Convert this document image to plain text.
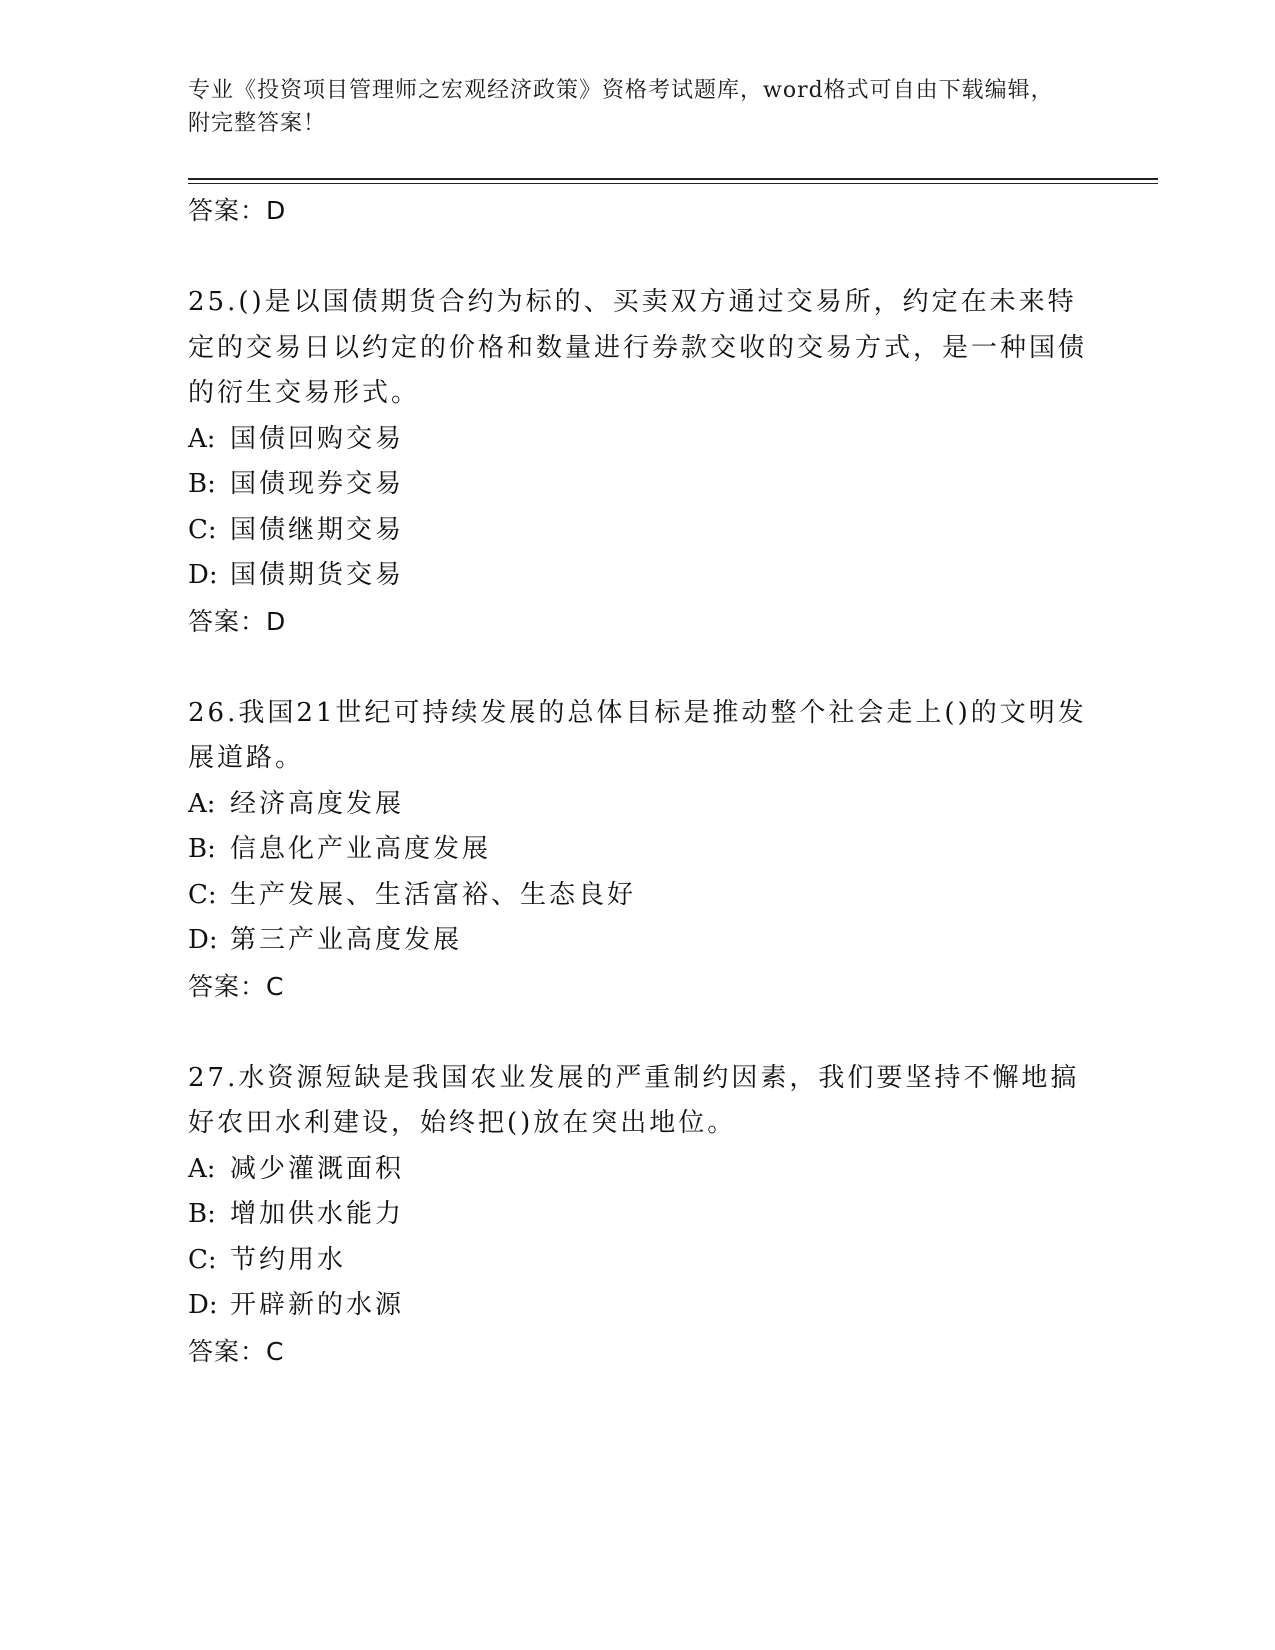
专业《投资项目管理师之宏观经济政策》资格考试题库，word格式可自由下载编辑，附完整答案！
答案：D
25.()是以国债期货合约为标的、买卖双方通过交易所，约定在未来特定的交易日以约定的价格和数量进行券款交收的交易方式，是一种国债的衍生交易形式。
A: 国债回购交易
B: 国债现券交易
C: 国债继期交易
D: 国债期货交易
答案：D
26.我国21世纪可持续发展的总体目标是推动整个社会走上()的文明发展道路。
A: 经济高度发展
B: 信息化产业高度发展
C: 生产发展、生活富裕、生态良好
D: 第三产业高度发展
答案：C
27.水资源短缺是我国农业发展的严重制约因素，我们要坚持不懈地搞好农田水利建设，始终把()放在突出地位。
A: 减少灌溉面积
B: 增加供水能力
C: 节约用水
D: 开辟新的水源
答案：C
